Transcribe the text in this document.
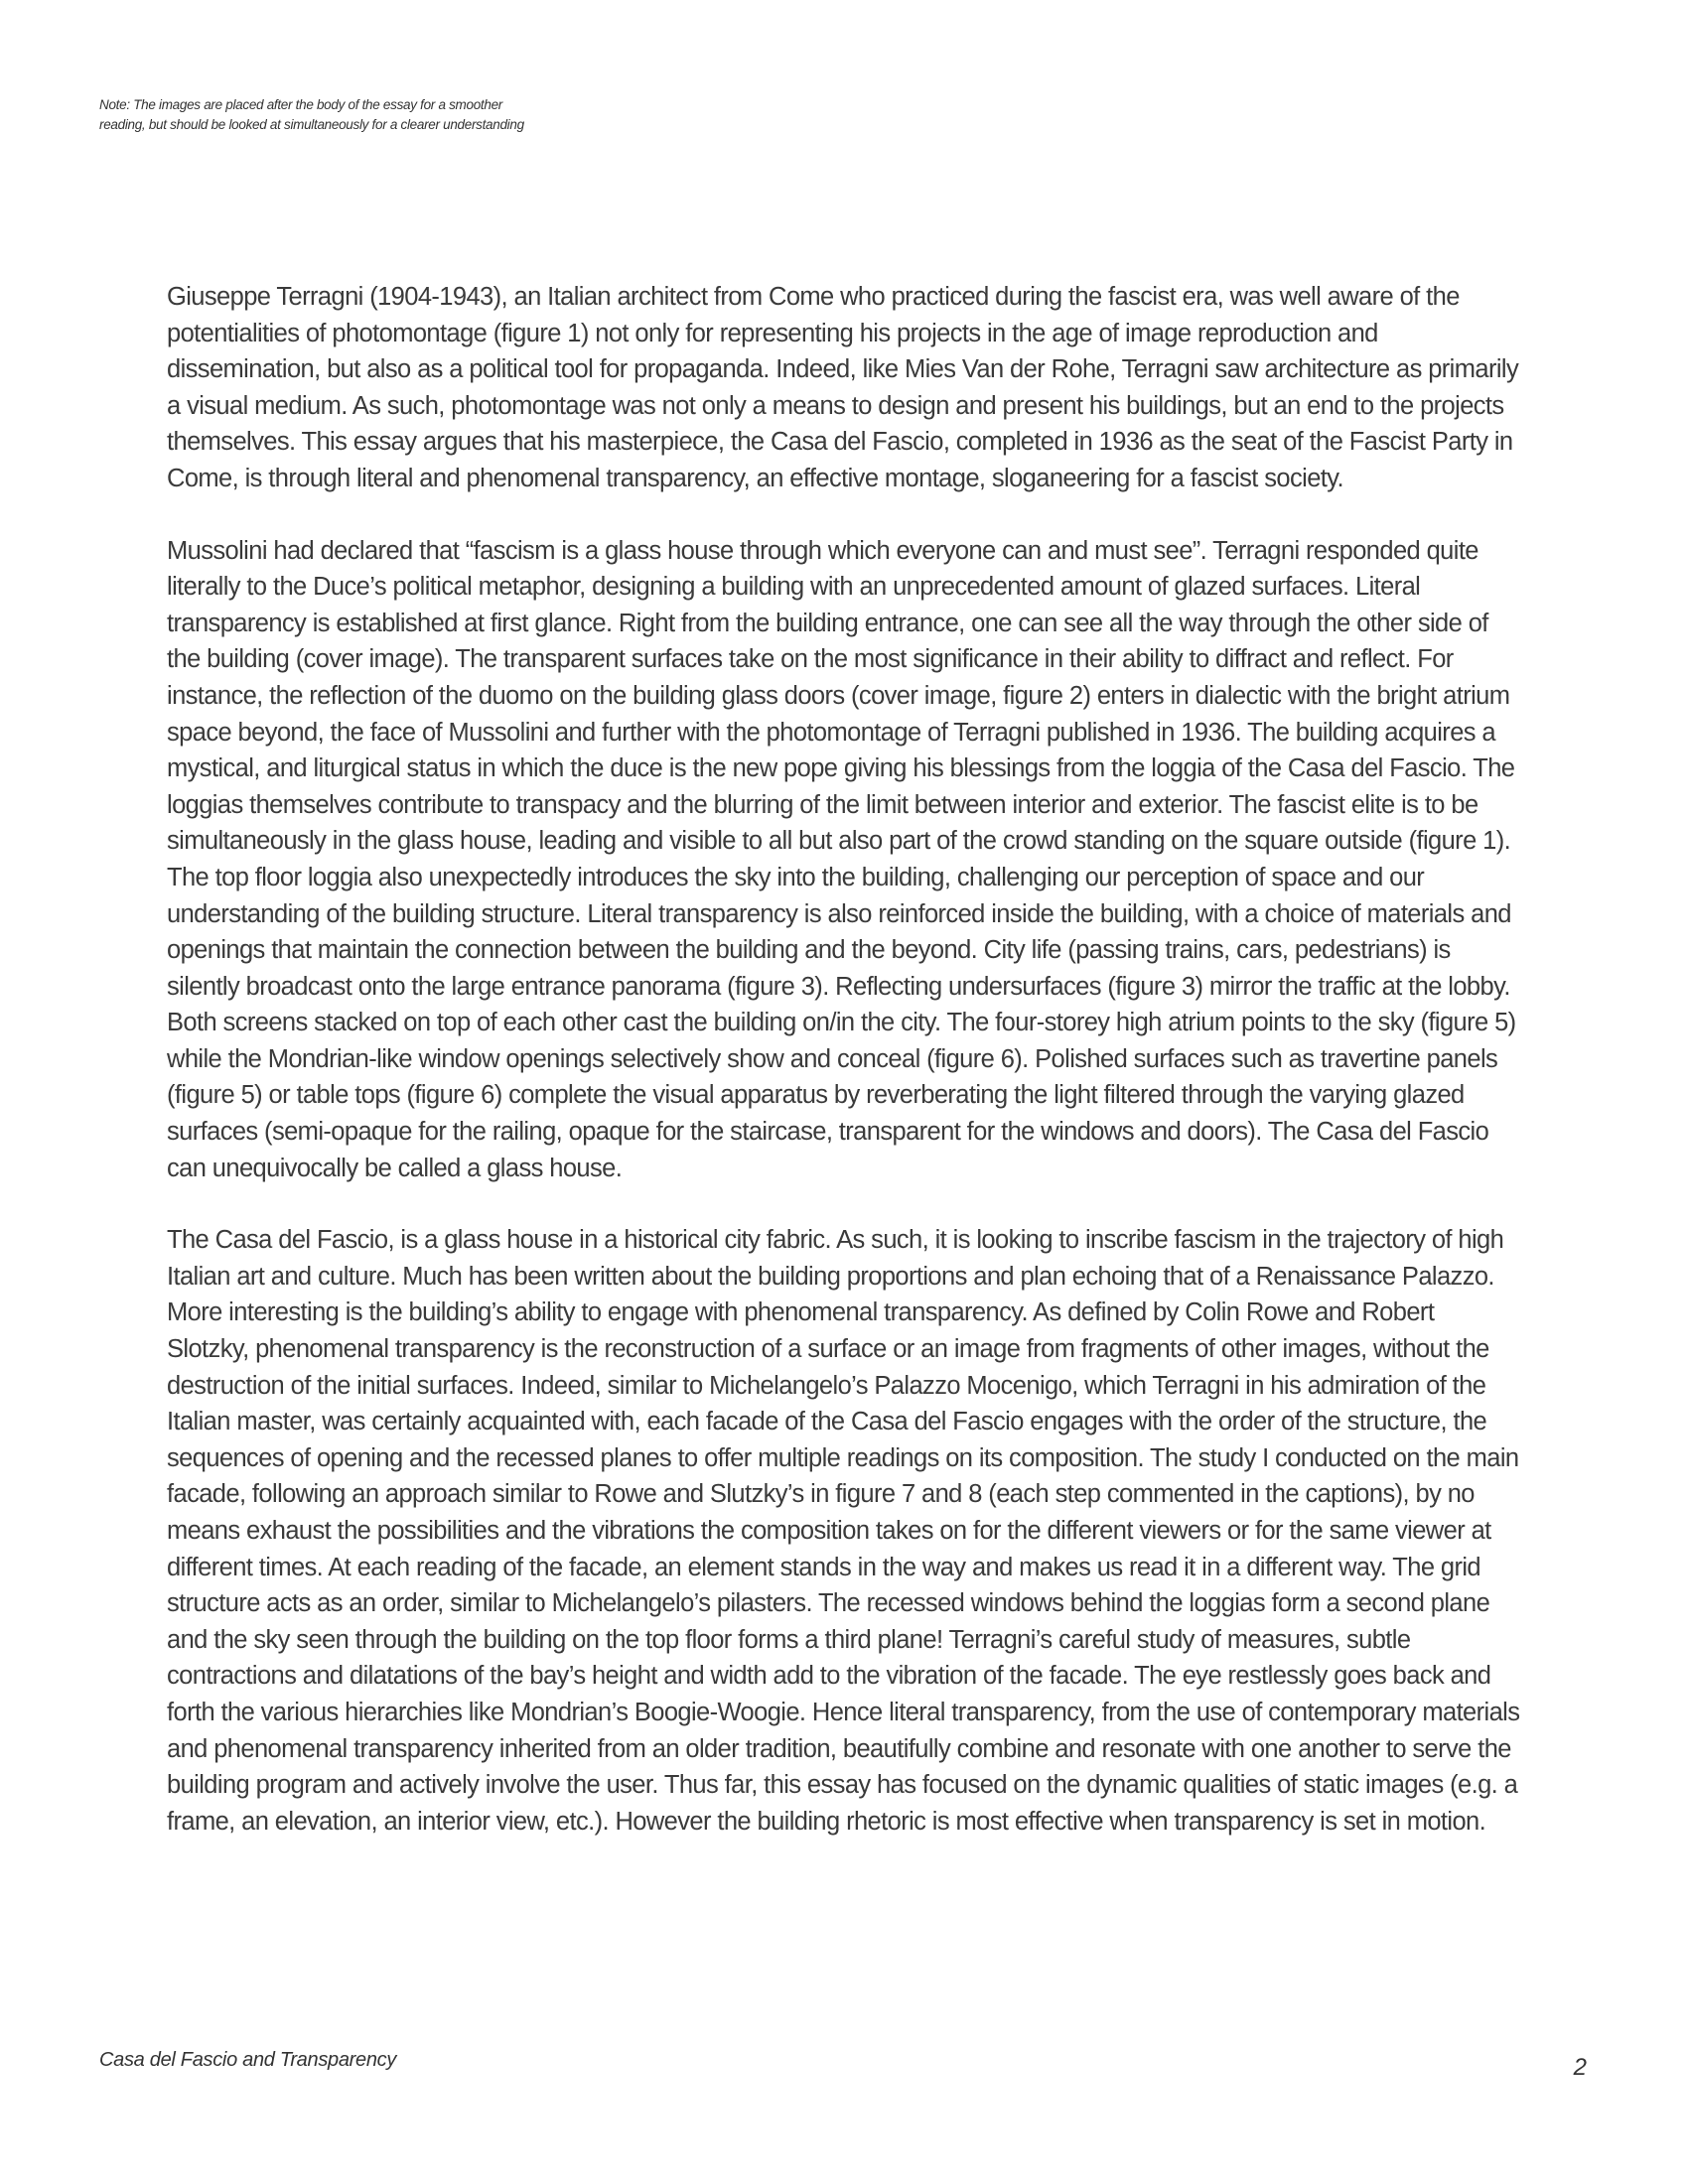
Note: The images are placed after the body of the essay for a smoother reading, but should be looked at simultaneously for a clearer understanding

Giuseppe Terragni (1904-1943), an Italian architect from Come who practiced during the fascist era, was well aware of the potentialities of photomontage (figure 1) not only for representing his projects in the age of image reproduction and dissemination, but also as a political tool for propaganda. Indeed, like Mies Van der Rohe, Terragni saw architecture as primarily a visual medium. As such, photomontage was not only a means to design and present his buildings, but an end to the projects themselves. This essay argues that his masterpiece, the Casa del Fascio, completed in 1936 as the seat of the Fascist Party in Come, is through literal and phenomenal transparency, an effective montage, sloganeering for a fascist society.

Mussolini had declared that “fascism is a glass house through which everyone can and must see”. Terragni responded quite literally to the Duce’s political metaphor, designing a building with an unprecedented amount of glazed surfaces. Literal transparency is established at first glance. Right from the building entrance, one can see all the way through the other side of the building (cover image). The transparent surfaces take on the most significance in their ability to diffract and reflect. For instance, the reflection of the duomo on the building glass doors (cover image, figure 2) enters in dialectic with the bright atrium space beyond, the face of Mussolini and further with the photomontage of Terragni published in 1936. The building acquires a mystical, and liturgical status in which the duce is the new pope giving his blessings from the loggia of the Casa del Fascio. The loggias themselves contribute to transpacy and the blurring of the limit between interior and exterior. The fascist elite is to be simultaneously in the glass house, leading and visible to all but also part of the crowd standing on the square outside (figure 1). The top floor loggia also unexpectedly introduces the sky into the building, challenging our perception of space and our understanding of the building structure. Literal transparency is also reinforced inside the building, with a choice of materials and openings that maintain the connection between the building and the beyond. City life (passing trains, cars, pedestrians) is silently broadcast onto the large entrance panorama (figure 3). Reflecting undersurfaces (figure 3) mirror the traffic at the lobby. Both screens stacked on top of each other cast the building on/in the city. The four-storey high atrium points to the sky (figure 5) while the Mondrian-like window openings selectively show and conceal (figure 6). Polished surfaces such as travertine panels (figure 5) or table tops (figure 6) complete the visual apparatus by reverberating the light filtered through the varying glazed surfaces (semi-opaque for the railing, opaque for the staircase, transparent for the windows and doors). The Casa del Fascio can unequivocally be called a glass house.

The Casa del Fascio, is a glass house in a historical city fabric. As such, it is looking to inscribe fascism in the trajectory of high Italian art and culture. Much has been written about the building proportions and plan echoing that of a Renaissance Palazzo. More interesting is the building’s ability to engage with phenomenal transparency. As defined by Colin Rowe and Robert Slotzky, phenomenal transparency is the reconstruction of a surface or an image from fragments of other images, without the destruction of the initial surfaces. Indeed, similar to Michelangelo’s Palazzo Mocenigo, which Terragni in his admiration of the Italian master, was certainly acquainted with, each facade of the Casa del Fascio engages with the order of the structure, the sequences of opening and the recessed planes to offer multiple readings on its composition. The study I conducted on the main facade, following an approach similar to Rowe and Slutzky’s in figure 7 and 8 (each step commented in the captions), by no means exhaust the possibilities and the vibrations the composition takes on for the different viewers or for the same viewer at different times. At each reading of the facade, an element stands in the way and makes us read it in a different way. The grid structure acts as an order, similar to Michelangelo’s pilasters. The recessed windows behind the loggias form a second plane and the sky seen through the building on the top floor forms a third plane! Terragni’s careful study of measures, subtle contractions and dilatations of the bay’s height and width add to the vibration of the facade. The eye restlessly goes back and forth the various hierarchies like Mondrian’s Boogie-Woogie. Hence literal transparency, from the use of contemporary materials and phenomenal transparency inherited from an older tradition, beautifully combine and resonate with one another to serve the building program and actively involve the user. Thus far, this essay has focused on the dynamic qualities of static images (e.g. a frame, an elevation, an interior view, etc.). However the building rhetoric is most effective when transparency is set in motion.

Casa del Fascio and Transparency	2
